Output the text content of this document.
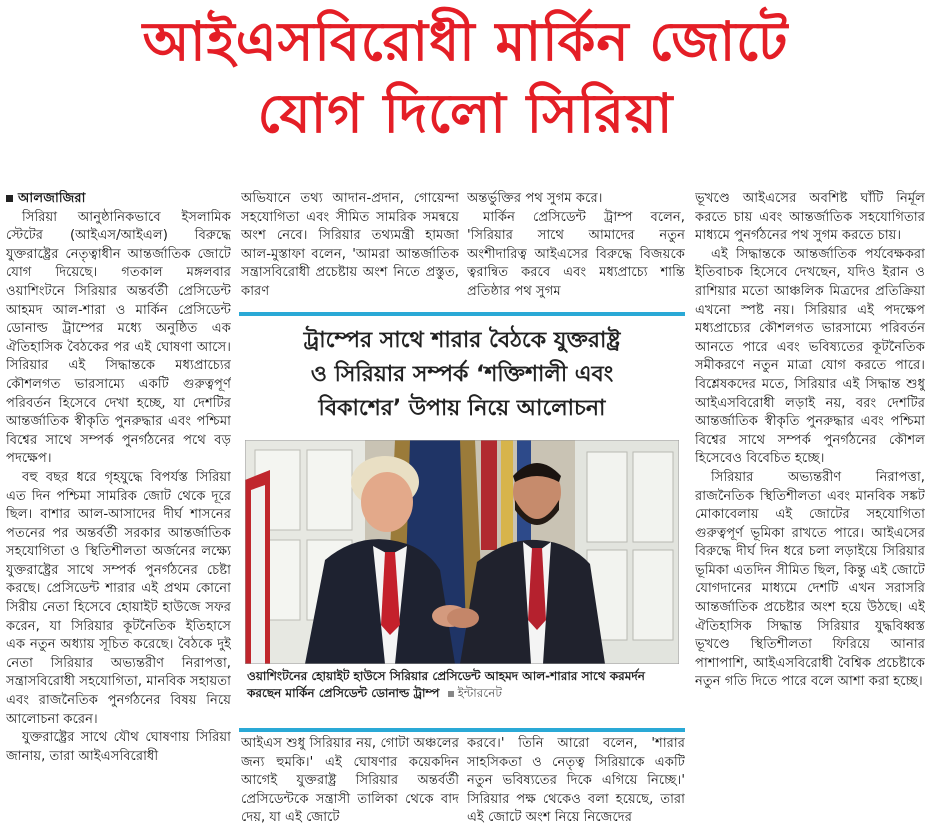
আইএসবিরোধী মার্কিন জোটে
যোগ দিলো সিরিয়া

আলজাজিরা

সিরিয়া আনুষ্ঠানিকভাবে ইসলামিক স্টেটের (আইএস/আইএল) বিরুদ্ধে যুক্তরাষ্ট্রের নেতৃত্বাধীন আন্তর্জাতিক জোটে যোগ দিয়েছে। গতকাল মঙ্গলবার ওয়াশিংটনে সিরিয়ার অন্তর্বর্তী প্রেসিডেন্ট আহমদ আল-শারা ও মার্কিন প্রেসিডেন্ট ডোনাল্ড ট্রাম্পের মধ্যে অনুষ্ঠিত এক ঐতিহাসিক বৈঠকের পর এই ঘোষণা আসে। সিরিয়ার এই সিদ্ধান্তকে মধ্যপ্রাচ্যের কৌশলগত ভারসাম্যে একটি গুরুত্বপূর্ণ পরিবর্তন হিসেবে দেখা হচ্ছে, যা দেশটির আন্তর্জাতিক স্বীকৃতি পুনরুদ্ধার এবং পশ্চিমা বিশ্বের সাথে সম্পর্ক পুনর্গঠনের পথে বড় পদক্ষেপ।

বহু বছর ধরে গৃহযুদ্ধে বিপর্যস্ত সিরিয়া এত দিন পশ্চিমা সামরিক জোট থেকে দূরে ছিল। বাশার আল-আসাদের দীর্ঘ শাসনের পতনের পর অন্তর্বর্তী সরকার আন্তর্জাতিক সহযোগিতা ও স্থিতিশীলতা অর্জনের লক্ষ্যে যুক্তরাষ্ট্রের সাথে সম্পর্ক পুনর্গঠনের চেষ্টা করছে। প্রেসিডেন্ট শারার এই প্রথম কোনো সিরীয় নেতা হিসেবে হোয়াইট হাউজে সফর করেন, যা সিরিয়ার কূটনৈতিক ইতিহাসে এক নতুন অধ্যায় সূচিত করেছে। বৈঠকে দুই নেতা সিরিয়ার অভ্যন্তরীণ নিরাপত্তা, সন্ত্রাসবিরোধী সহযোগিতা, মানবিক সহায়তা এবং রাজনৈতিক পুনর্গঠনের বিষয় নিয়ে আলোচনা করেন।

যুক্তরাষ্ট্রের সাথে যৌথ ঘোষণায় সিরিয়া জানায়, তারা আইএসবিরোধী

অভিযানে তথ্য আদান-প্রদান, গোয়েন্দা সহযোগিতা এবং সীমিত সামরিক সমন্বয়ে অংশ নেবে। সিরিয়ার তথ্যমন্ত্রী হামজা আল-মুস্তাফা বলেন, 'আমরা আন্তর্জাতিক সন্ত্রাসবিরোধী প্রচেষ্টায় অংশ নিতে প্রস্তুত, কারণ

অন্তর্ভুক্তির পথ সুগম করে।

মার্কিন প্রেসিডেন্ট ট্রাম্প বলেন, 'সিরিয়ার সাথে আমাদের নতুন অংশীদারিত্ব আইএসের বিরুদ্ধে বিজয়কে ত্বরান্বিত করবে এবং মধ্যপ্রাচ্যে শান্তি প্রতিষ্ঠার পথ সুগম

ট্রাম্পের সাথে শারার বৈঠকে যুক্তরাষ্ট্র
ও সিরিয়ার সম্পর্ক ‘শক্তিশালী এবং
বিকাশের’ উপায় নিয়ে আলোচনা
ওয়াশিংটনের হোয়াইট হাউসে সিরিয়ার প্রেসিডেন্ট আহমদ আল-শারার সাথে করমর্দন করছেন মার্কিন প্রেসিডেন্ট ডোনাল্ড ট্রাম্প ইন্টারনেট

আইএস শুধু সিরিয়ার নয়, গোটা অঞ্চলের জন্য হুমকি।' এই ঘোষণার কয়েকদিন আগেই যুক্তরাষ্ট্র সিরিয়ার অন্তর্বর্তী প্রেসিডেন্টকে সন্ত্রাসী তালিকা থেকে বাদ দেয়, যা এই জোটে

করবে।' তিনি আরো বলেন, 'শারার সাহসিকতা ও নেতৃত্ব সিরিয়াকে একটি নতুন ভবিষ্যতের দিকে এগিয়ে নিচ্ছে।' সিরিয়ার পক্ষ থেকেও বলা হয়েছে, তারা এই জোটে অংশ নিয়ে নিজেদের

ভূখণ্ডে আইএসের অবশিষ্ট ঘাঁটি নির্মূল করতে চায় এবং আন্তর্জাতিক সহযোগিতার মাধ্যমে পুনর্গঠনের পথ সুগম করতে চায়।

এই সিদ্ধান্তকে আন্তর্জাতিক পর্যবেক্ষকরা ইতিবাচক হিসেবে দেখছেন, যদিও ইরান ও রাশিয়ার মতো আঞ্চলিক মিত্রদের প্রতিক্রিয়া এখনো স্পষ্ট নয়। সিরিয়ার এই পদক্ষেপ মধ্যপ্রাচ্যের কৌশলগত ভারসাম্যে পরিবর্তন আনতে পারে এবং ভবিষ্যতের কূটনৈতিক সমীকরণে নতুন মাত্রা যোগ করতে পারে। বিশ্লেষকদের মতে, সিরিয়ার এই সিদ্ধান্ত শুধু আইএসবিরোধী লড়াই নয়, বরং দেশটির আন্তর্জাতিক স্বীকৃতি পুনরুদ্ধার এবং পশ্চিমা বিশ্বের সাথে সম্পর্ক পুনর্গঠনের কৌশল হিসেবেও বিবেচিত হচ্ছে।

সিরিয়ার অভ্যন্তরীণ নিরাপত্তা, রাজনৈতিক স্থিতিশীলতা এবং মানবিক সঙ্কট মোকাবেলায় এই জোটের সহযোগিতা গুরুত্বপূর্ণ ভূমিকা রাখতে পারে। আইএসের বিরুদ্ধে দীর্ঘ দিন ধরে চলা লড়াইয়ে সিরিয়ার ভূমিকা এতদিন সীমিত ছিল, কিন্তু এই জোটে যোগদানের মাধ্যমে দেশটি এখন সরাসরি আন্তর্জাতিক প্রচেষ্টার অংশ হয়ে উঠছে। এই ঐতিহাসিক সিদ্ধান্ত সিরিয়ার যুদ্ধবিধ্বস্ত ভূখণ্ডে স্থিতিশীলতা ফিরিয়ে আনার পাশাপাশি, আইএসবিরোধী বৈশ্বিক প্রচেষ্টাকে নতুন গতি দিতে পারে বলে আশা করা হচ্ছে।
